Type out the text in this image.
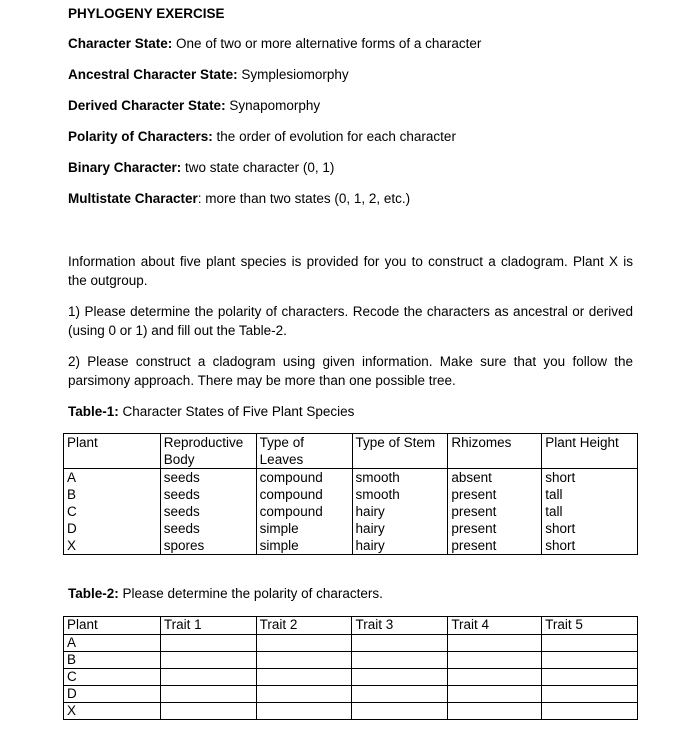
PHYLOGENY EXERCISE
Character State: One of two or more alternative forms of a character
Ancestral Character State: Symplesiomorphy
Derived Character State: Synapomorphy
Polarity of Characters: the order of evolution for each character
Binary Character: two state character (0, 1)
Multistate Character: more than two states (0, 1, 2, etc.)
Information about five plant species is provided for you to construct a cladogram. Plant X is the outgroup.
1) Please determine the polarity of characters. Recode the characters as ancestral or derived (using 0 or 1) and fill out the Table-2.
2) Please construct a cladogram using given information. Make sure that you follow the parsimony approach. There may be more than one possible tree.
Table-1: Character States of Five Plant Species
Plant	Reproductive Body	Type of Leaves	Type of Stem	Rhizomes	Plant Height
A	seeds	compound	smooth	absent	short
B	seeds	compound	smooth	present	tall
C	seeds	compound	hairy	present	tall
D	seeds	simple	hairy	present	short
X	spores	simple	hairy	present	short
Table-2: Please determine the polarity of characters.
Plant	Trait 1	Trait 2	Trait 3	Trait 4	Trait 5
A					
B					
C					
D					
X					
